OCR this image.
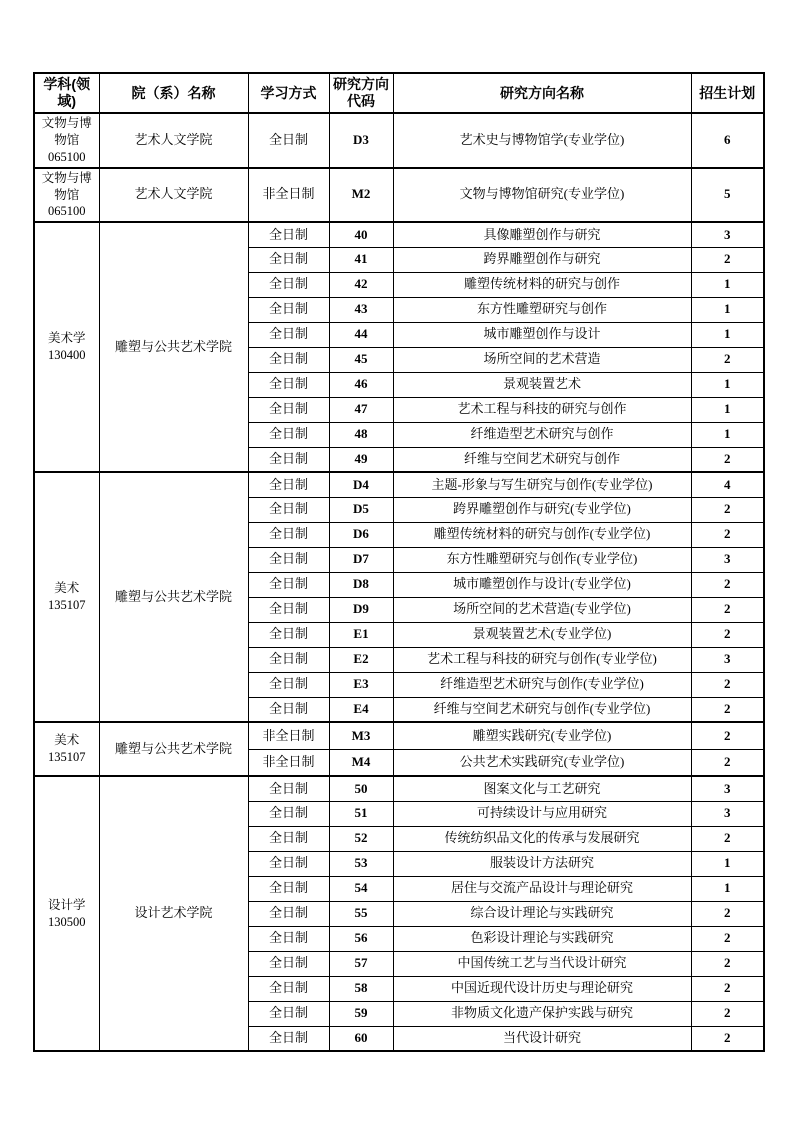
学科(领域)	院（系）名称	学习方式	研究方向代码	研究方向名称	招生计划

文物与博物馆
065100	艺术人文学院	全日制	D3	艺术史与博物馆学(专业学位)	6

文物与博物馆
065100	艺术人文学院	非全日制	M2	文物与博物馆研究(专业学位)	5

美术学
130400	雕塑与公共艺术学院	全日制	40	具像雕塑创作与研究	3
		全日制	41	跨界雕塑创作与研究	2
		全日制	42	雕塑传统材料的研究与创作	1
		全日制	43	东方性雕塑研究与创作	1
		全日制	44	城市雕塑创作与设计	1
		全日制	45	场所空间的艺术营造	2
		全日制	46	景观装置艺术	1
		全日制	47	艺术工程与科技的研究与创作	1
		全日制	48	纤维造型艺术研究与创作	1
		全日制	49	纤维与空间艺术研究与创作	2

美术
135107	雕塑与公共艺术学院	全日制	D4	主题-形象与写生研究与创作(专业学位)	4
		全日制	D5	跨界雕塑创作与研究(专业学位)	2
		全日制	D6	雕塑传统材料的研究与创作(专业学位)	2
		全日制	D7	东方性雕塑研究与创作(专业学位)	3
		全日制	D8	城市雕塑创作与设计(专业学位)	2
		全日制	D9	场所空间的艺术营造(专业学位)	2
		全日制	E1	景观装置艺术(专业学位)	2
		全日制	E2	艺术工程与科技的研究与创作(专业学位)	3
		全日制	E3	纤维造型艺术研究与创作(专业学位)	2
		全日制	E4	纤维与空间艺术研究与创作(专业学位)	2

美术
135107	雕塑与公共艺术学院	非全日制	M3	雕塑实践研究(专业学位)	2
		非全日制	M4	公共艺术实践研究(专业学位)	2

设计学
130500	设计艺术学院	全日制	50	图案文化与工艺研究	3
		全日制	51	可持续设计与应用研究	3
		全日制	52	传统纺织品文化的传承与发展研究	2
		全日制	53	服装设计方法研究	1
		全日制	54	居住与交流产品设计与理论研究	1
		全日制	55	综合设计理论与实践研究	2
		全日制	56	色彩设计理论与实践研究	2
		全日制	57	中国传统工艺与当代设计研究	2
		全日制	58	中国近现代设计历史与理论研究	2
		全日制	59	非物质文化遗产保护实践与研究	2
		全日制	60	当代设计研究	2
